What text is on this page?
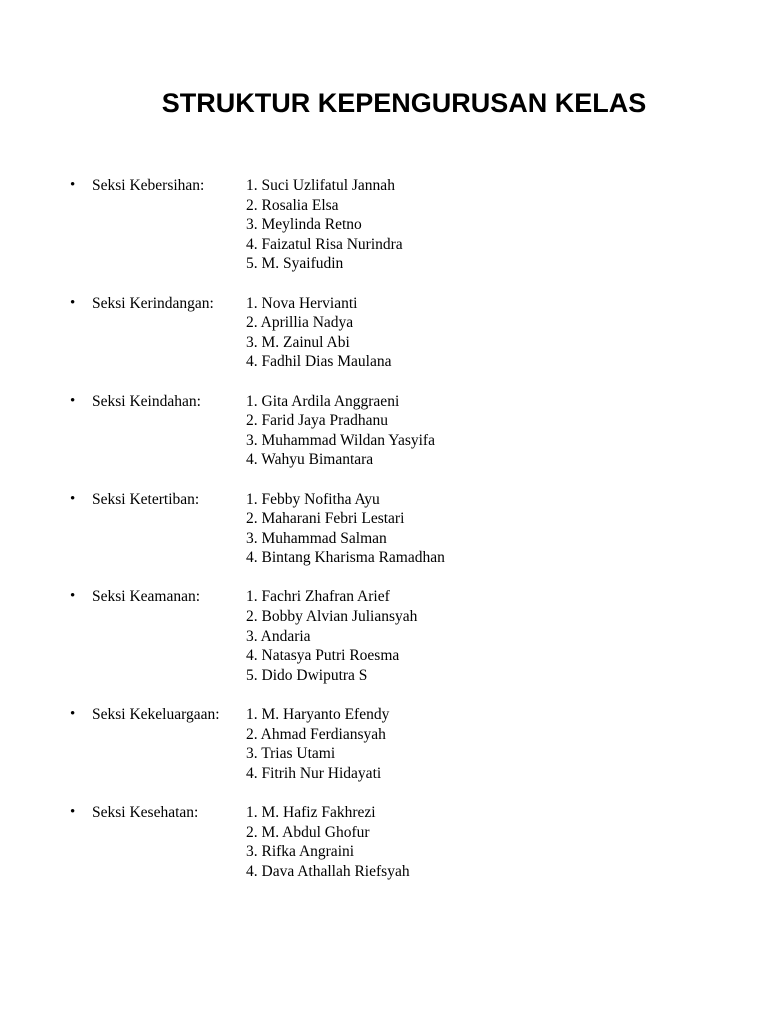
STRUKTUR KEPENGURUSAN KELAS
•	Seksi Kebersihan:	1. Suci Uzlifatul Jannah
2. Rosalia Elsa
3. Meylinda Retno
4. Faizatul Risa Nurindra
5. M. Syaifudin
•	Seksi Kerindangan:	1. Nova Hervianti
2. Aprillia Nadya
3. M. Zainul Abi
4. Fadhil Dias Maulana
•	Seksi Keindahan:	1. Gita Ardila Anggraeni
2. Farid Jaya Pradhanu
3. Muhammad Wildan Yasyifa
4. Wahyu Bimantara
•	Seksi Ketertiban:	1. Febby Nofitha Ayu
2. Maharani Febri Lestari
3. Muhammad Salman
4. Bintang Kharisma Ramadhan
•	Seksi Keamanan:	1. Fachri Zhafran Arief
2. Bobby Alvian Juliansyah
3. Andaria
4. Natasya Putri Roesma
5. Dido Dwiputra S
•	Seksi Kekeluargaan:	1. M. Haryanto Efendy
2. Ahmad Ferdiansyah
3. Trias Utami
4. Fitrih Nur Hidayati
•	Seksi Kesehatan:	1. M. Hafiz Fakhrezi
2. M. Abdul Ghofur
3. Rifka Angraini
4. Dava Athallah Riefsyah
